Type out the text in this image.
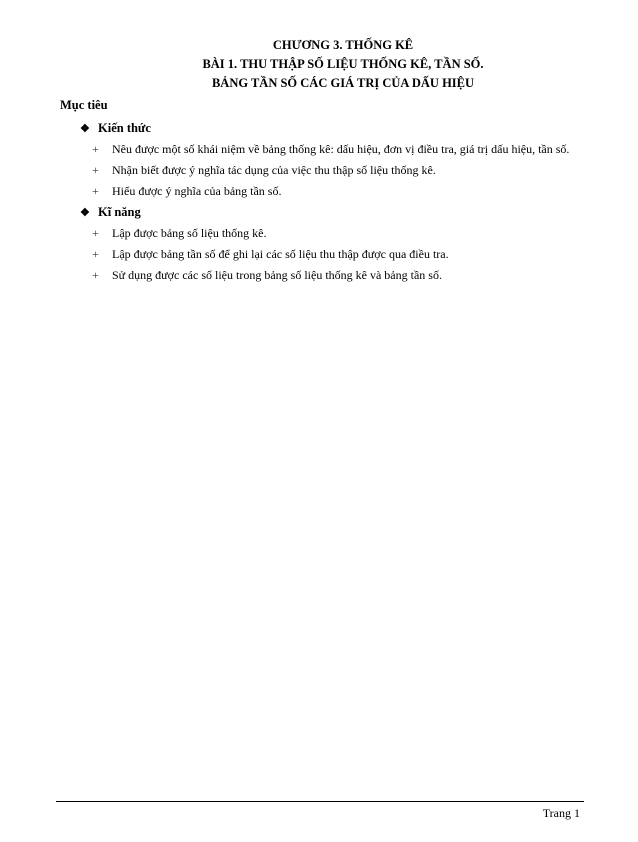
CHƯƠNG 3. THỐNG KÊ
BÀI 1. THU THẬP SỐ LIỆU THỐNG KÊ, TẦN SỐ.
BẢNG TẦN SỐ CÁC GIÁ TRỊ CỦA DẤU HIỆU
Mục tiêu
❖ Kiến thức
+	Nêu được một số khái niệm về bảng thống kê: dấu hiệu, đơn vị điều tra, giá trị dấu hiệu, tần số.
+	Nhận biết được ý nghĩa tác dụng của việc thu thập số liệu thống kê.
+	Hiểu được ý nghĩa của bảng tần số.
❖ Kĩ năng
+	Lập được bảng số liệu thống kê.
+	Lập được bảng tần số để ghi lại các số liệu thu thập được qua điều tra.
+	Sử dụng được các số liệu trong bảng số liệu thống kê và bảng tần số.
Trang 1
